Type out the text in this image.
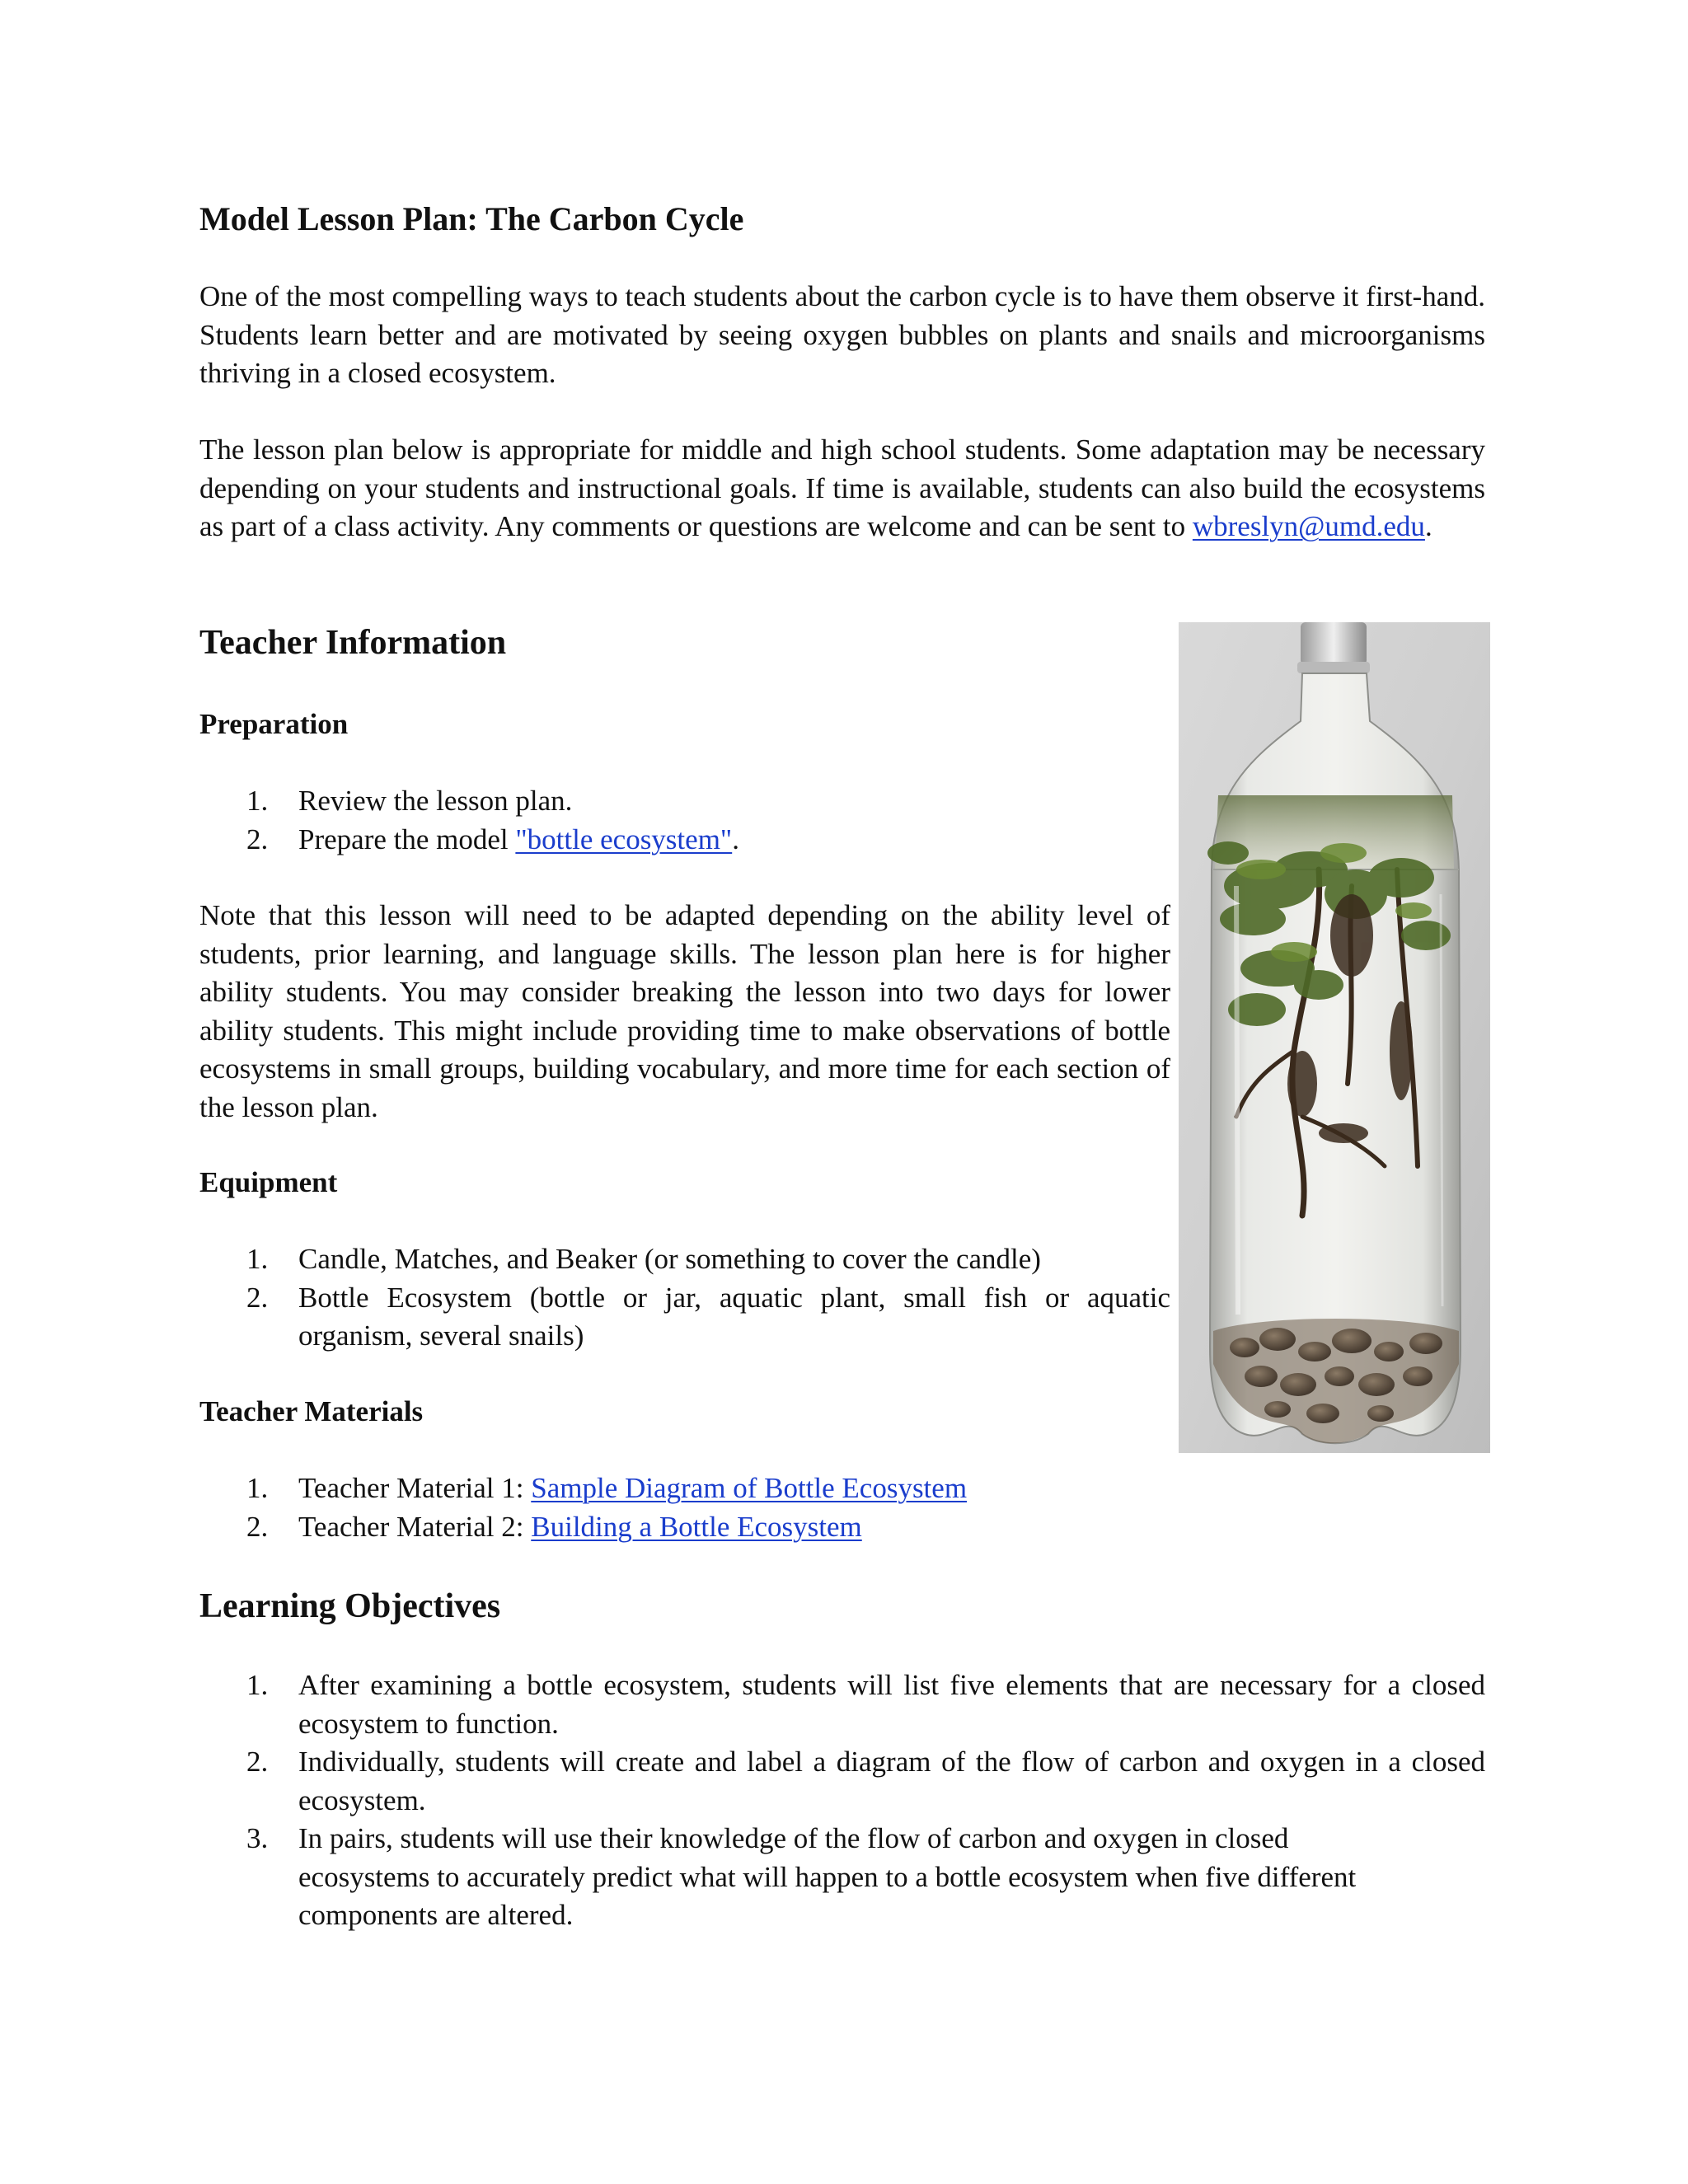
Model Lesson Plan: The Carbon Cycle

One of the most compelling ways to teach students about the carbon cycle is to have them observe it first-hand. Students learn better and are motivated by seeing oxygen bubbles on plants and snails and microorganisms thriving in a closed ecosystem.

The lesson plan below is appropriate for middle and high school students. Some adaptation may be necessary depending on your students and instructional goals. If time is available, students can also build the ecosystems as part of a class activity. Any comments or questions are welcome and can be sent to wbreslyn@umd.edu.

Teacher Information
Preparation
1. Review the lesson plan.
2. Prepare the model "bottle ecosystem".

Note that this lesson will need to be adapted depending on the ability level of students, prior learning, and language skills. The lesson plan here is for higher ability students. You may consider breaking the lesson into two days for lower ability students. This might include providing time to make observations of bottle ecosystems in small groups, building vocabulary, and more time for each section of the lesson plan.

Equipment
1. Candle, Matches, and Beaker (or something to cover the candle)
2. Bottle Ecosystem (bottle or jar, aquatic plant, small fish or aquatic organism, several snails)
Teacher Materials
1. Teacher Material 1: Sample Diagram of Bottle Ecosystem
2. Teacher Material 2: Building a Bottle Ecosystem
Learning Objectives
1. After examining a bottle ecosystem, students will list five elements that are necessary for a closed ecosystem to function.
2. Individually, students will create and label a diagram of the flow of carbon and oxygen in a closed ecosystem.
3. In pairs, students will use their knowledge of the flow of carbon and oxygen in closed ecosystems to accurately predict what will happen to a bottle ecosystem when five different components are altered.
